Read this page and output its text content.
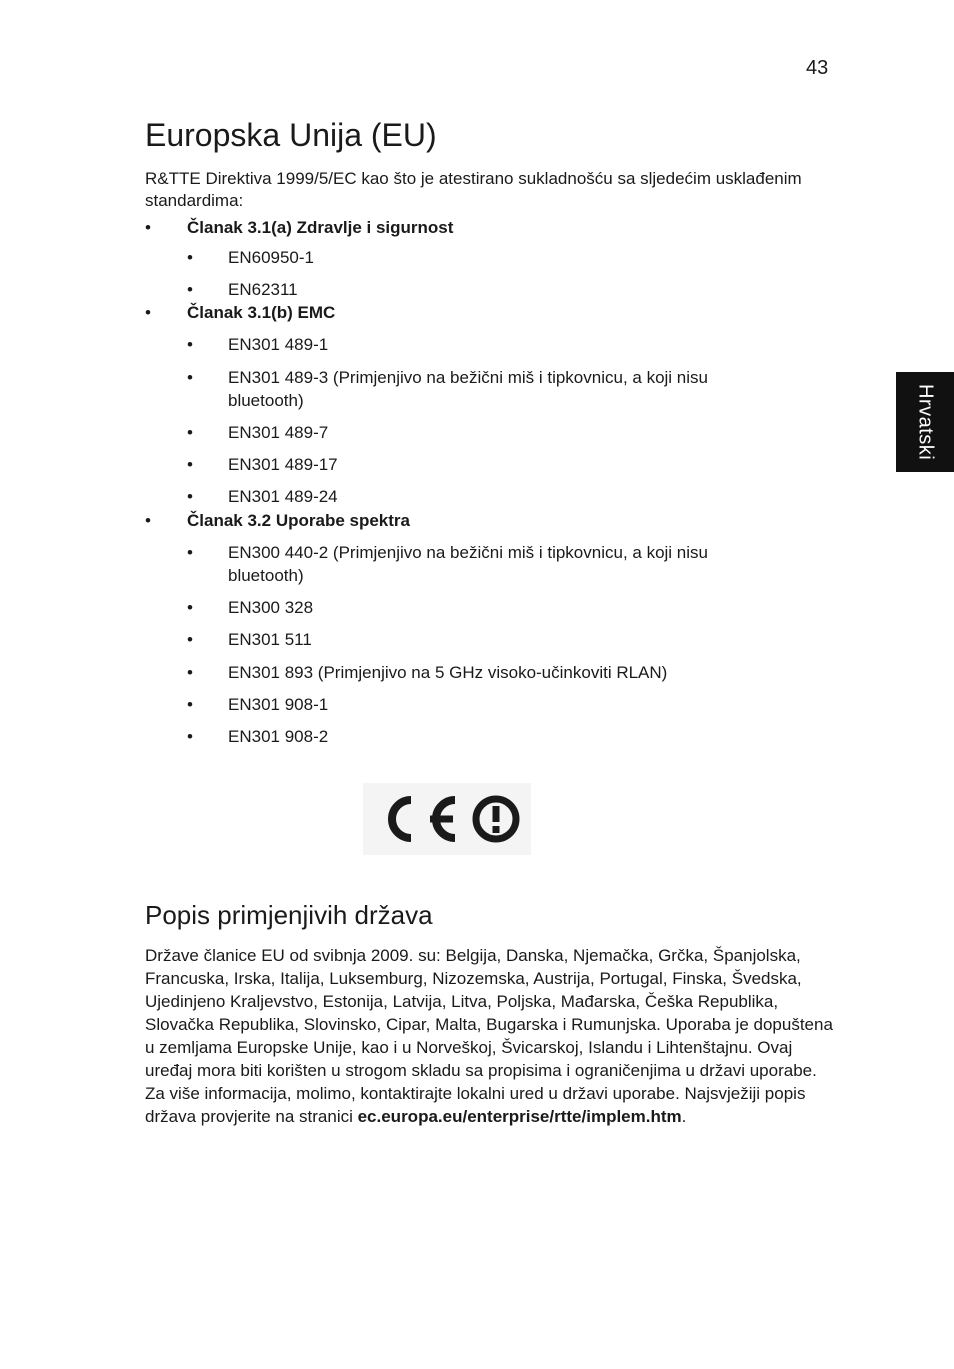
43
Hrvatski
Europska Unija (EU)

R&TTE Direktiva 1999/5/EC kao što je atestirano sukladnošću sa sljedećim usklađenim standardima:

• Članak 3.1(a) Zdravlje i sigurnost
• EN60950-1
• EN62311
• Članak 3.1(b) EMC
• EN301 489-1
• EN301 489-3 (Primjenjivo na bežični miš i tipkovnicu, a koji nisu
bluetooth)
• EN301 489-7
• EN301 489-17
• EN301 489-24
• Članak 3.2 Uporabe spektra
• EN300 440-2 (Primjenjivo na bežični miš i tipkovnicu, a koji nisu
bluetooth)
• EN300 328
• EN301 511
• EN301 893 (Primjenjivo na 5 GHz visoko-učinkoviti RLAN)
• EN301 908-1
• EN301 908-2
Popis primjenjivih država

Države članice EU od svibnja 2009. su: Belgija, Danska, Njemačka, Grčka, Španjolska, Francuska, Irska, Italija, Luksemburg, Nizozemska, Austrija, Portugal, Finska, Švedska, Ujedinjeno Kraljevstvo, Estonija, Latvija, Litva, Poljska, Mađarska, Češka Republika, Slovačka Republika, Slovinsko, Cipar, Malta, Bugarska i Rumunjska. Uporaba je dopuštena u zemljama Europske Unije, kao i u Norveškoj, Švicarskoj, Islandu i Lihtenštajnu. Ovaj uređaj mora biti korišten u strogom skladu sa propisima i ograničenjima u državi uporabe. Za više informacija, molimo, kontaktirajte lokalni ured u državi uporabe. Najsvježiji popis država provjerite na stranici ec.europa.eu/enterprise/rtte/implem.htm.
